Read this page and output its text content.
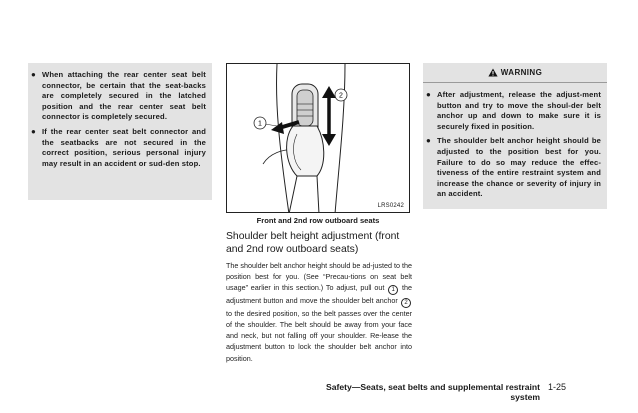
● When attaching the rear center seat belt connector, be certain that the seat-backs are completely secured in the latched position and the rear center seat belt connector is completely secured.
● If the rear center seat belt connector and the seatbacks are not secured in the correct position, serious personal injury may result in an accident or sud-den stop.
1
2
LRS0242
Front and 2nd row outboard seats
Shoulder belt height adjustment (front and 2nd row outboard seats)
The shoulder belt anchor height should be ad-justed to the position best for you. (See “Precau-tions on seat belt usage” earlier in this section.) To adjust, pull out 1 the adjustment button and move the shoulder belt anchor 2 to the desired position, so the belt passes over the center of the shoulder. The belt should be away from your face and neck, but not falling off your shoulder. Re-lease the adjustment button to lock the shoulder belt anchor into position.
WARNING
● After adjustment, release the adjust-ment button and try to move the shoul-der belt anchor up and down to make sure it is securely fixed in position.
● The shoulder belt anchor height should be adjusted to the position best for you. Failure to do so may reduce the effec-tiveness of the entire restraint system and increase the chance or severity of injury in an accident.
Safety—Seats, seat belts and supplemental restraint system
1-25
